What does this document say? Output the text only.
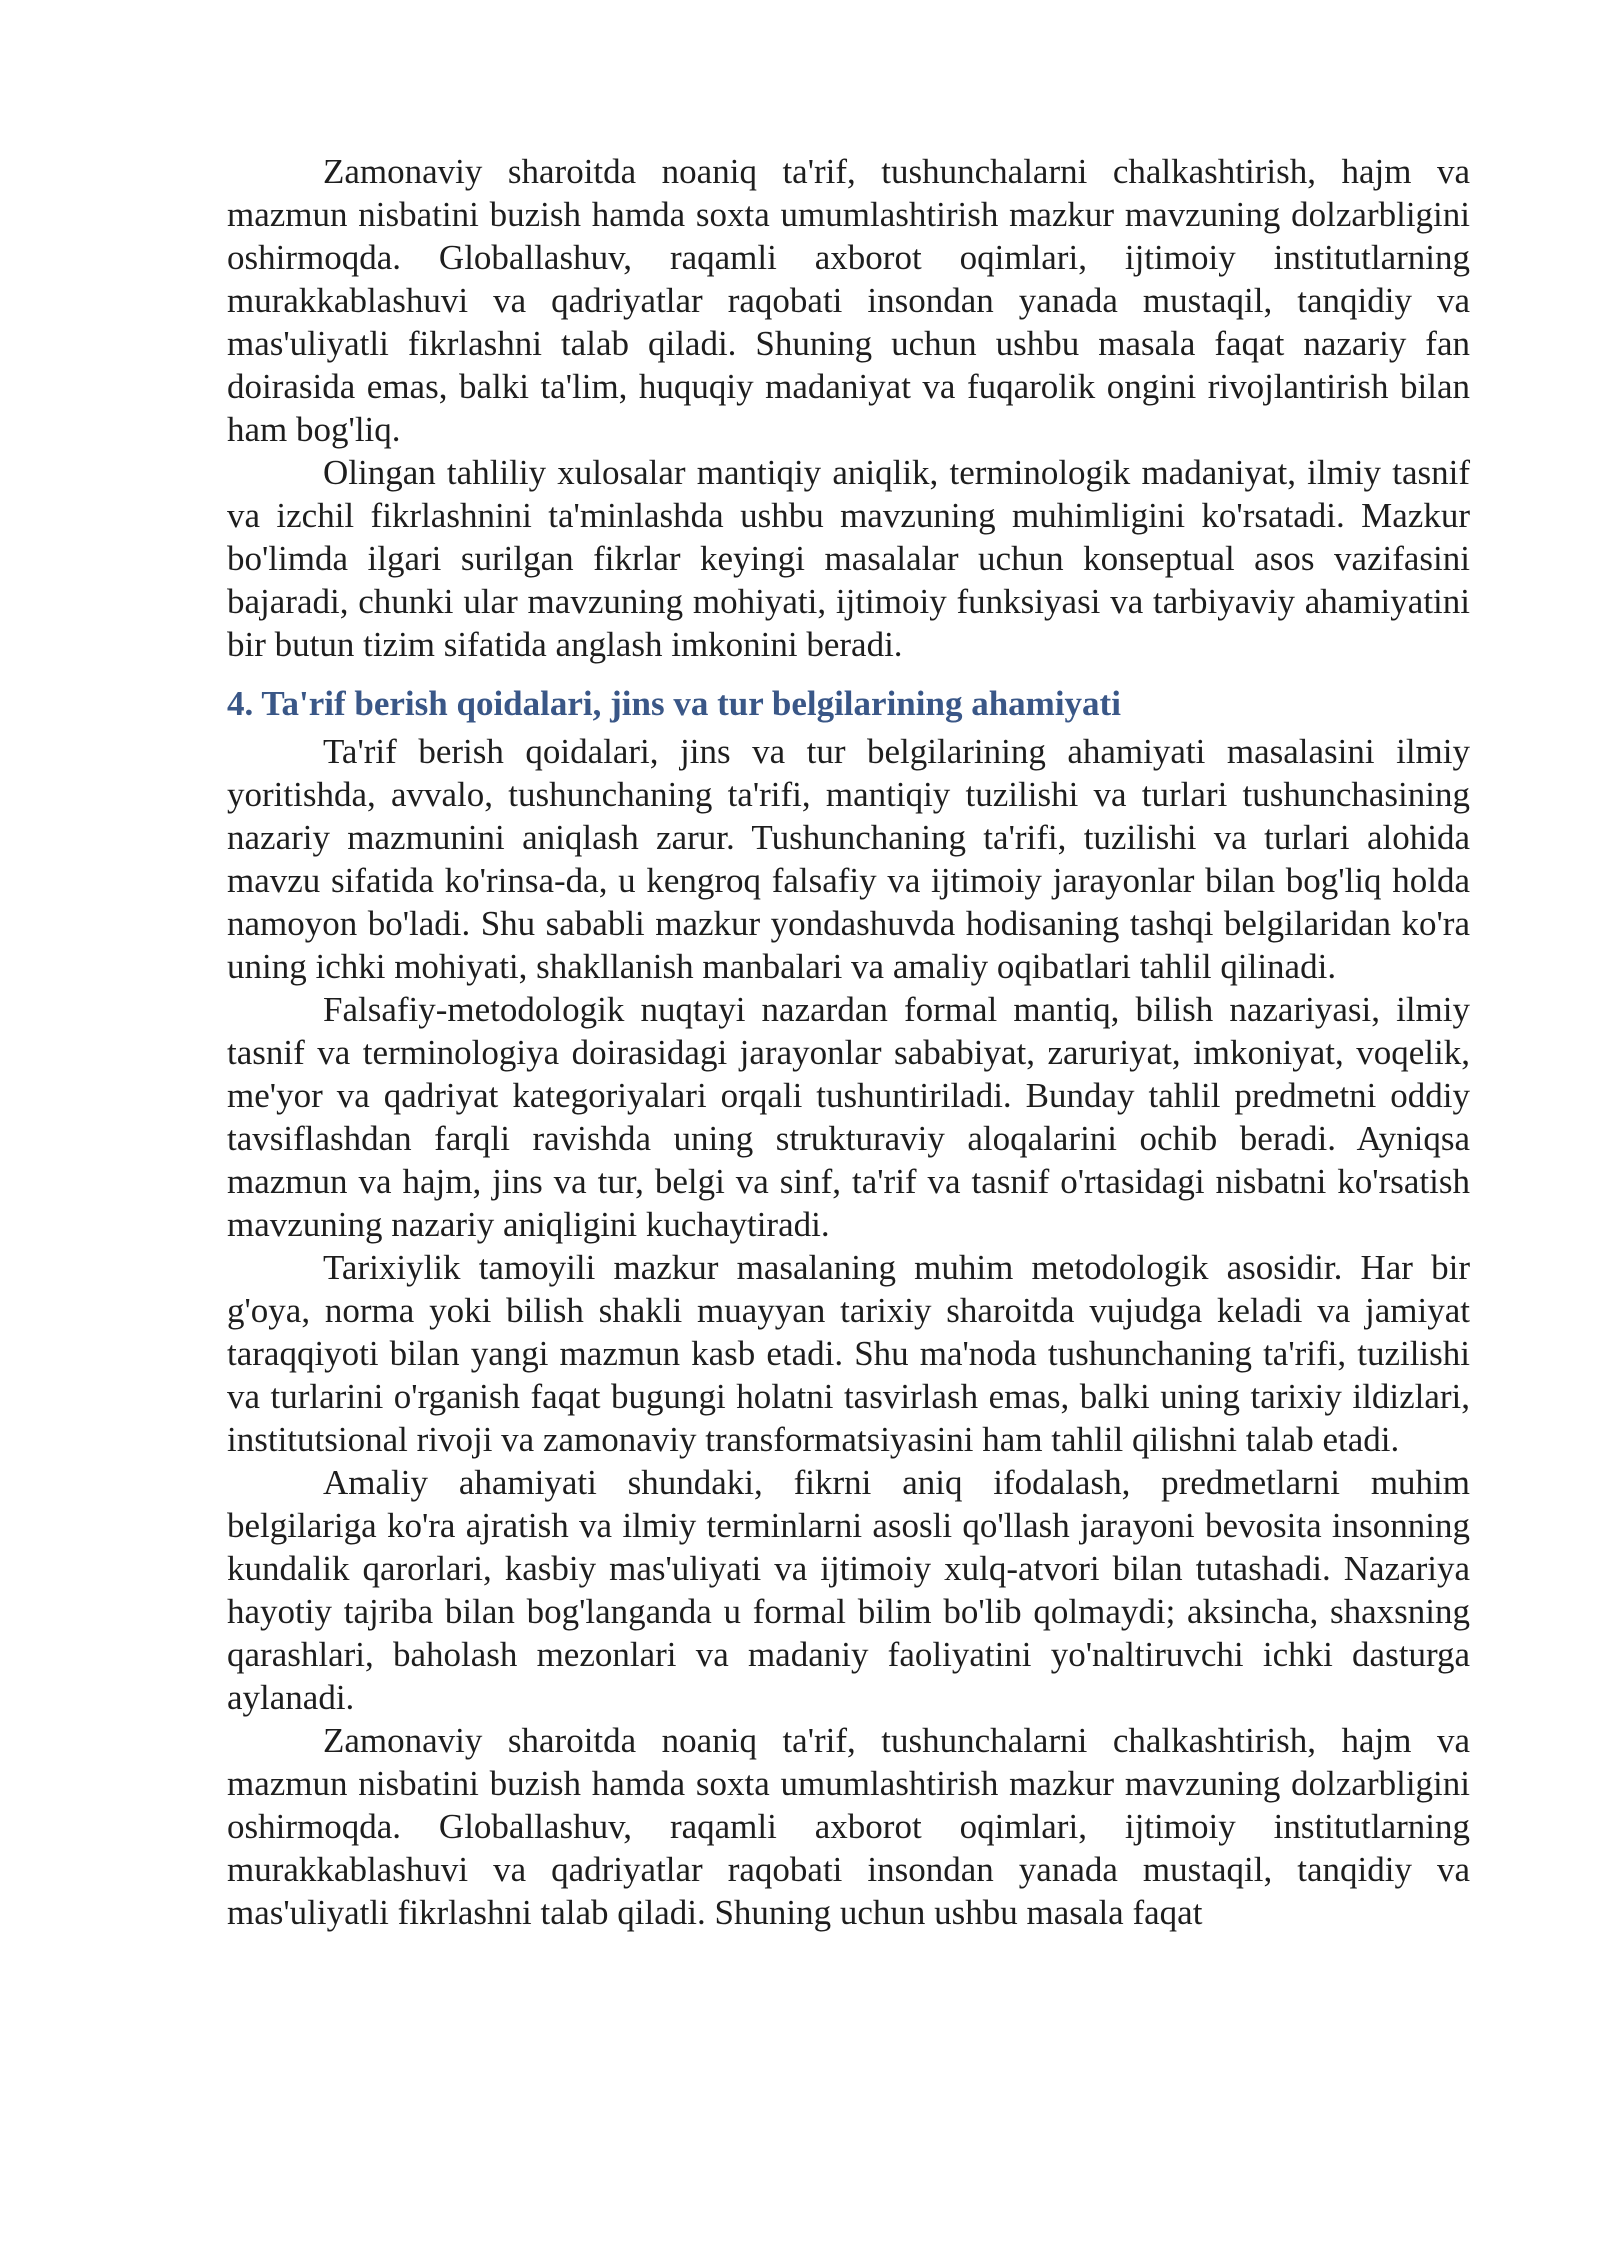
Zamonaviy sharoitda noaniq ta'rif, tushunchalarni chalkashtirish, hajm va mazmun nisbatini buzish hamda soxta umumlashtirish mazkur mavzuning dolzarbligini oshirmoqda. Globallashuv, raqamli axborot oqimlari, ijtimoiy institutlarning murakkablashuvi va qadriyatlar raqobati insondan yanada mustaqil, tanqidiy va mas'uliyatli fikrlashni talab qiladi. Shuning uchun ushbu masala faqat nazariy fan doirasida emas, balki ta'lim, huquqiy madaniyat va fuqarolik ongini rivojlantirish bilan ham bog'liq.

Olingan tahliliy xulosalar mantiqiy aniqlik, terminologik madaniyat, ilmiy tasnif va izchil fikrlashnini ta'minlashda ushbu mavzuning muhimligini ko'rsatadi. Mazkur bo'limda ilgari surilgan fikrlar keyingi masalalar uchun konseptual asos vazifasini bajaradi, chunki ular mavzuning mohiyati, ijtimoiy funksiyasi va tarbiyaviy ahamiyatini bir butun tizim sifatida anglash imkonini beradi.

4. Ta'rif berish qoidalari, jins va tur belgilarining ahamiyati

Ta'rif berish qoidalari, jins va tur belgilarining ahamiyati masalasini ilmiy yoritishda, avvalo, tushunchaning ta'rifi, mantiqiy tuzilishi va turlari tushunchasining nazariy mazmunini aniqlash zarur. Tushunchaning ta'rifi, tuzilishi va turlari alohida mavzu sifatida ko'rinsa-da, u kengroq falsafiy va ijtimoiy jarayonlar bilan bog'liq holda namoyon bo'ladi. Shu sababli mazkur yondashuvda hodisaning tashqi belgilaridan ko'ra uning ichki mohiyati, shakllanish manbalari va amaliy oqibatlari tahlil qilinadi.

Falsafiy-metodologik nuqtayi nazardan formal mantiq, bilish nazariyasi, ilmiy tasnif va terminologiya doirasidagi jarayonlar sababiyat, zaruriyat, imkoniyat, voqelik, me'yor va qadriyat kategoriyalari orqali tushuntiriladi. Bunday tahlil predmetni oddiy tavsiflashdan farqli ravishda uning strukturaviy aloqalarini ochib beradi. Ayniqsa mazmun va hajm, jins va tur, belgi va sinf, ta'rif va tasnif o'rtasidagi nisbatni ko'rsatish mavzuning nazariy aniqligini kuchaytiradi.

Tarixiylik tamoyili mazkur masalaning muhim metodologik asosidir. Har bir g'oya, norma yoki bilish shakli muayyan tarixiy sharoitda vujudga keladi va jamiyat taraqqiyoti bilan yangi mazmun kasb etadi. Shu ma'noda tushunchaning ta'rifi, tuzilishi va turlarini o'rganish faqat bugungi holatni tasvirlash emas, balki uning tarixiy ildizlari, institutsional rivoji va zamonaviy transformatsiyasini ham tahlil qilishni talab etadi.

Amaliy ahamiyati shundaki, fikrni aniq ifodalash, predmetlarni muhim belgilariga ko'ra ajratish va ilmiy terminlarni asosli qo'llash jarayoni bevosita insonning kundalik qarorlari, kasbiy mas'uliyati va ijtimoiy xulq-atvori bilan tutashadi. Nazariya hayotiy tajriba bilan bog'langanda u formal bilim bo'lib qolmaydi; aksincha, shaxsning qarashlari, baholash mezonlari va madaniy faoliyatini yo'naltiruvchi ichki dasturga aylanadi.

Zamonaviy sharoitda noaniq ta'rif, tushunchalarni chalkashtirish, hajm va mazmun nisbatini buzish hamda soxta umumlashtirish mazkur mavzuning dolzarbligini oshirmoqda. Globallashuv, raqamli axborot oqimlari, ijtimoiy institutlarning murakkablashuvi va qadriyatlar raqobati insondan yanada mustaqil, tanqidiy va mas'uliyatli fikrlashni talab qiladi. Shuning uchun ushbu masala faqat
